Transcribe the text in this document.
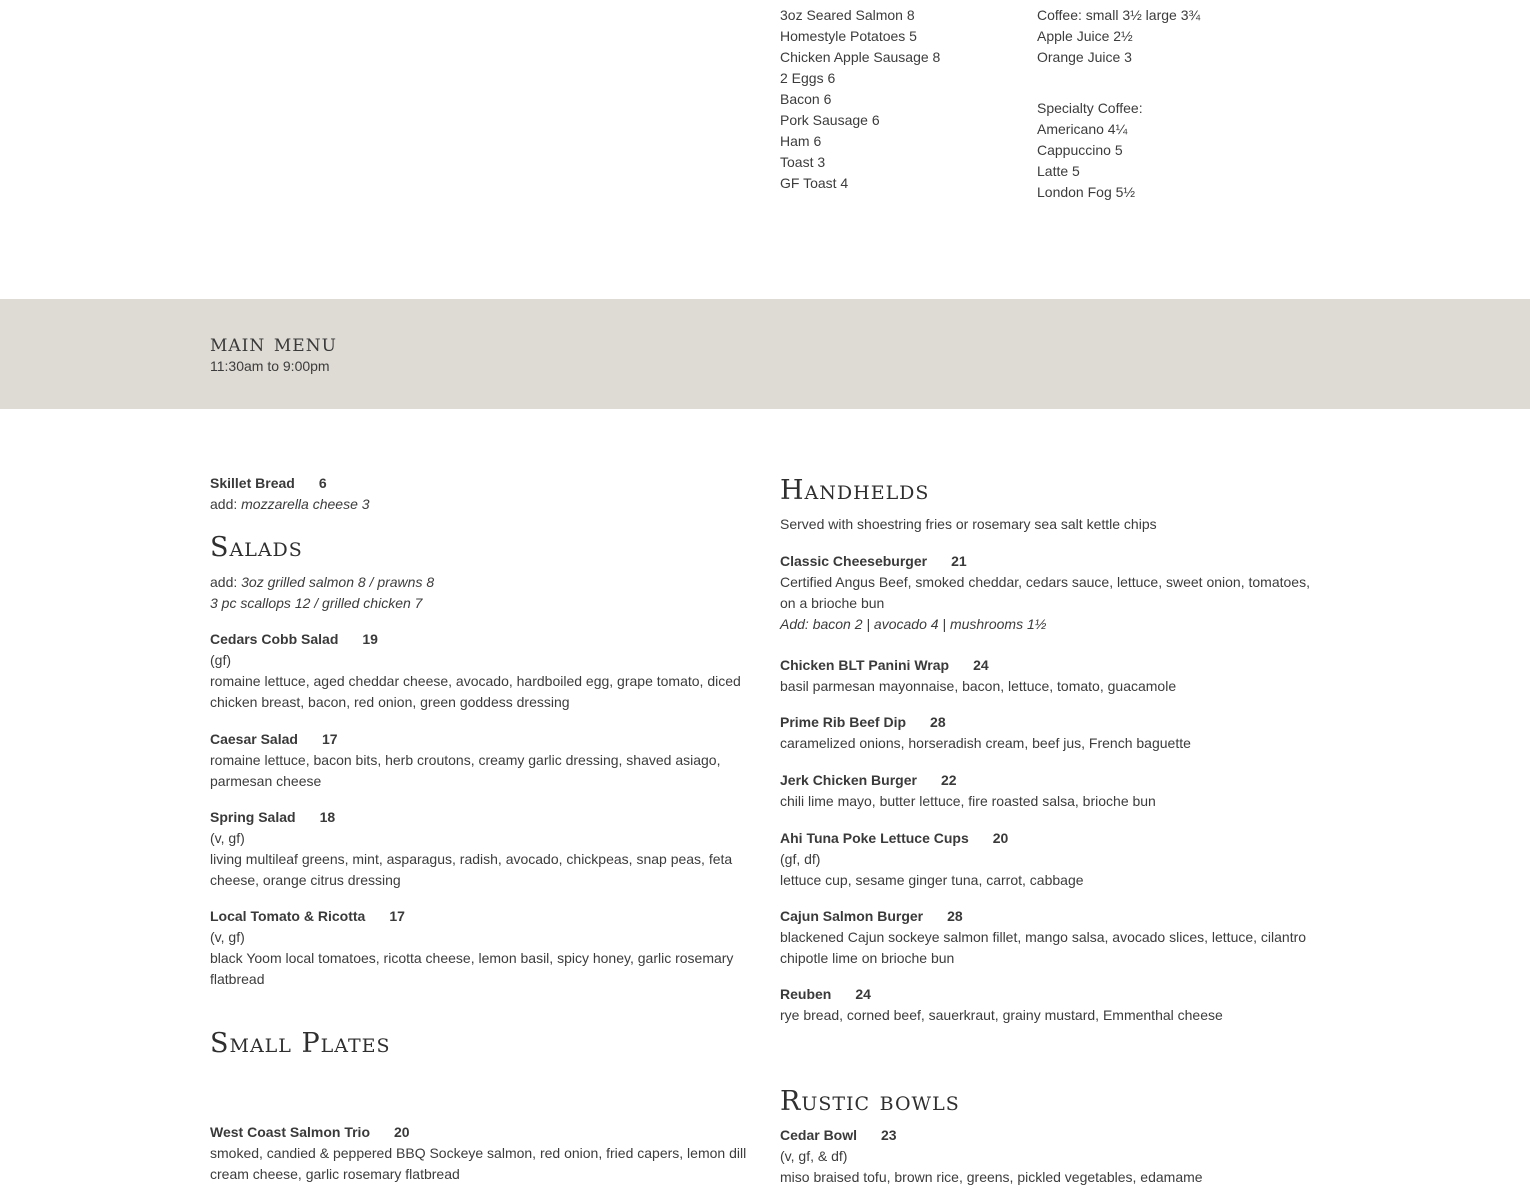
3oz Seared Salmon 8
Homestyle Potatoes 5
Chicken Apple Sausage 8
2 Eggs 6
Bacon 6
Pork Sausage 6
Ham 6
Toast 3
GF Toast 4
Coffee: small 3½ large 3¾
Apple Juice 2½
Orange Juice 3
Specialty Coffee:
Americano 4¼
Cappuccino 5
Latte 5
London Fog 5½
main menu
11:30am to 9:00pm
Skillet Bread 6
add: mozzarella cheese 3
Salads
add: 3oz grilled salmon 8 / prawns 8
3 pc scallops 12 / grilled chicken 7
Cedars Cobb Salad 19
(gf)
romaine lettuce, aged cheddar cheese, avocado, hardboiled egg, grape tomato, diced chicken breast, bacon, red onion, green goddess dressing
Caesar Salad 17
romaine lettuce, bacon bits, herb croutons, creamy garlic dressing, shaved asiago, parmesan cheese
Spring Salad 18
(v, gf)
living multileaf greens, mint, asparagus, radish, avocado, chickpeas, snap peas, feta cheese, orange citrus dressing
Local Tomato & Ricotta 17
(v, gf)
black Yoom local tomatoes, ricotta cheese, lemon basil, spicy honey, garlic rosemary flatbread
Small Plates
West Coast Salmon Trio 20
smoked, candied & peppered BBQ Sockeye salmon, red onion, fried capers, lemon dill cream cheese, garlic rosemary flatbread
Handhelds
Served with shoestring fries or rosemary sea salt kettle chips
Classic Cheeseburger 21
Certified Angus Beef, smoked cheddar, cedars sauce, lettuce, sweet onion, tomatoes, on a brioche bun
Add: bacon 2 | avocado 4 | mushrooms 1½
Chicken BLT Panini Wrap 24
basil parmesan mayonnaise, bacon, lettuce, tomato, guacamole
Prime Rib Beef Dip 28
caramelized onions, horseradish cream, beef jus, French baguette
Jerk Chicken Burger 22
chili lime mayo, butter lettuce, fire roasted salsa, brioche bun
Ahi Tuna Poke Lettuce Cups 20
(gf, df)
lettuce cup, sesame ginger tuna, carrot, cabbage
Cajun Salmon Burger 28
blackened Cajun sockeye salmon fillet, mango salsa, avocado slices, lettuce, cilantro chipotle lime on brioche bun
Reuben 24
rye bread, corned beef, sauerkraut, grainy mustard, Emmenthal cheese
Rustic bowls
Cedar Bowl 23
(v, gf, & df)
miso braised tofu, brown rice, greens, pickled vegetables, edamame
